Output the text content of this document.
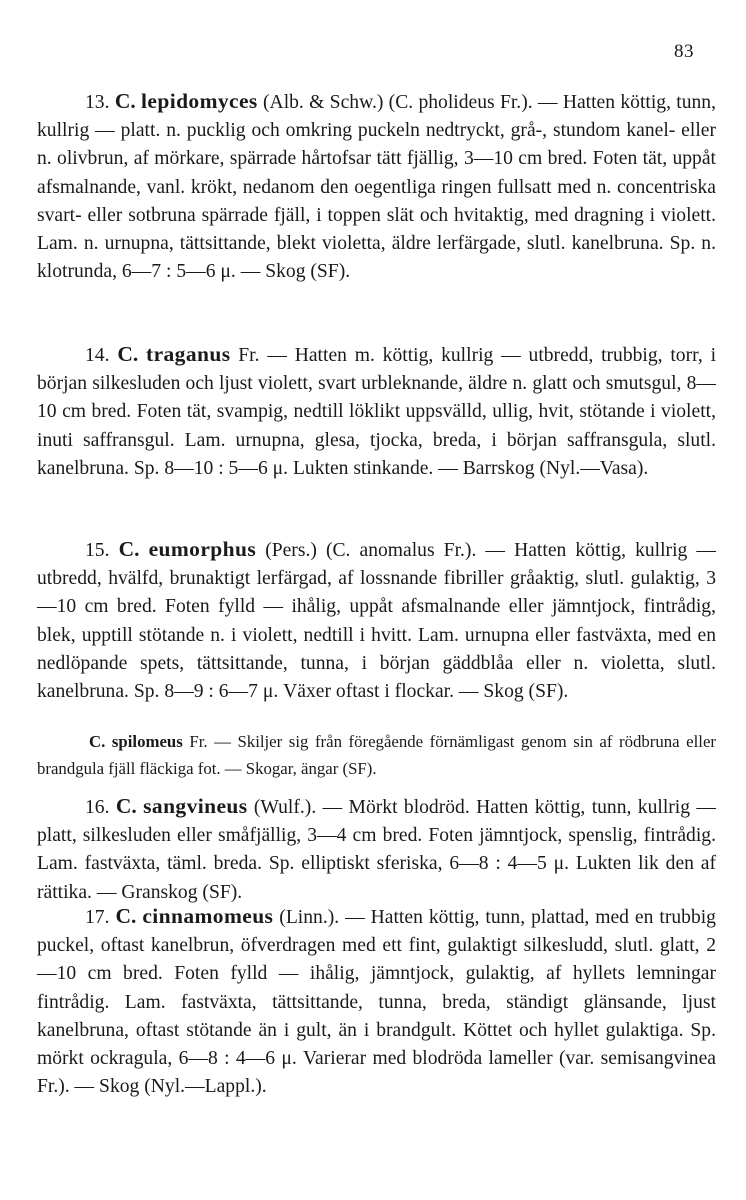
83

13. C. lepidomyces (Alb. & Schw.) (C. pholideus Fr.). — Hatten köttig, tunn, kullrig — platt. n. pucklig och omkring puckeln nedtryckt, grå-, stundom kanel- eller n. olivbrun, af mörkare, spärrade hårtofsar tätt fjällig, 3—10 cm bred. Foten tät, uppåt afsmalnande, vanl. krökt, nedanom den oegentliga ringen fullsatt med n. concentriska svart- eller sotbruna spärrade fjäll, i toppen slät och hvitaktig, med dragning i violett. Lam. n. urnupna, tättsittande, blekt violetta, äldre lerfärgade, slutl. kanelbruna. Sp. n. klotrunda, 6—7 : 5—6 μ. — Skog (SF).

14. C. traganus Fr. — Hatten m. köttig, kullrig — utbredd, trubbig, torr, i början silkesluden och ljust violett, svart urbleknande, äldre n. glatt och smutsgul, 8—10 cm bred. Foten tät, svampig, nedtill löklikt uppsvälld, ullig, hvit, stötande i violett, inuti saffransgul. Lam. urnupna, glesa, tjocka, breda, i början saffransgula, slutl. kanelbruna. Sp. 8—10 : 5—6 μ. Lukten stinkande. — Barrskog (Nyl.—Vasa).

15. C. eumorphus (Pers.) (C. anomalus Fr.). — Hatten köttig, kullrig — utbredd, hvälfd, brunaktigt lerfärgad, af lossnande fibriller gråaktig, slutl. gulaktig, 3—10 cm bred. Foten fylld — ihålig, uppåt afsmalnande eller jämntjock, fintrådig, blek, upptill stötande n. i violett, nedtill i hvitt. Lam. urnupna eller fastväxta, med en nedlöpande spets, tättsittande, tunna, i början gäddblåa eller n. violetta, slutl. kanelbruna. Sp. 8—9 : 6—7 μ. Växer oftast i flockar. — Skog (SF).

C. spilomeus Fr. — Skiljer sig från föregående förnämligast genom sin af rödbruna eller brandgula fjäll fläckiga fot. — Skogar, ängar (SF).

16. C. sangvineus (Wulf.). — Mörkt blodröd. Hatten köttig, tunn, kullrig — platt, silkesluden eller småfjällig, 3—4 cm bred. Foten jämntjock, spenslig, fintrådig. Lam. fastväxta, täml. breda. Sp. elliptiskt sferiska, 6—8 : 4—5 μ. Lukten lik den af rättika. — Granskog (SF).

17. C. cinnamomeus (Linn.). — Hatten köttig, tunn, plattad, med en trubbig puckel, oftast kanelbrun, öfverdragen med ett fint, gulaktigt silkesludd, slutl. glatt, 2—10 cm bred. Foten fylld — ihålig, jämntjock, gulaktig, af hyllets lemningar fintrådig. Lam. fastväxta, tättsittande, tunna, breda, ständigt glänsande, ljust kanelbruna, oftast stötande än i gult, än i brandgult. Köttet och hyllet gulaktiga. Sp. mörkt ockragula, 6—8 : 4—6 μ. Varierar med blodröda lameller (var. semisangvinea Fr.). — Skog (Nyl.—Lappl.).
